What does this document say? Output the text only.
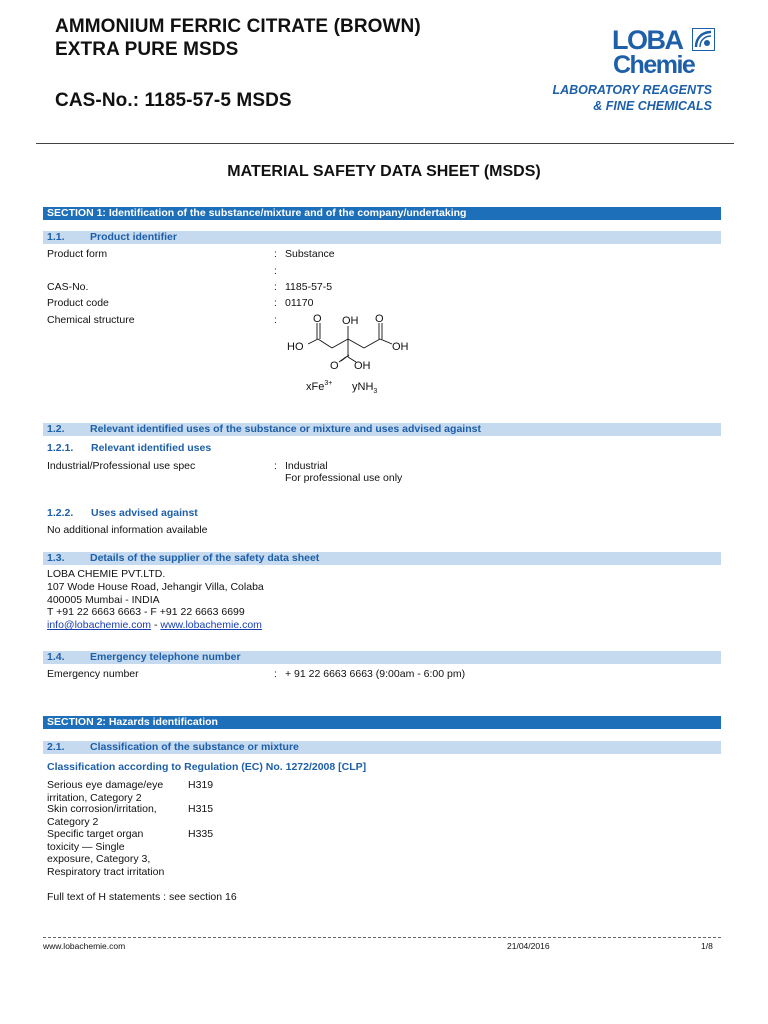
AMMONIUM FERRIC CITRATE (BROWN)
EXTRA PURE MSDS
CAS-No.: 1185-57-5 MSDS
LOBA
Chemie
LABORATORY REAGENTS
& FINE CHEMICALS
MATERIAL SAFETY DATA SHEET (MSDS)
SECTION 1: Identification of the substance/mixture and of the company/undertaking
1.1. Product identifier
Product form	: Substance
:
CAS-No.	: 1185-57-5
Product code	: 01170
Chemical structure	:	O OH O
HO	OH
O OH
xFe$^{3+}$ yNH$_3$
1.2. Relevant identified uses of the substance or mixture and uses advised against
1.2.1. Relevant identified uses
Industrial/Professional use spec	: Industrial
For professional use only
1.2.2. Uses advised against
No additional information available
1.3. Details of the supplier of the safety data sheet
LOBA CHEMIE PVT.LTD.
107 Wode House Road, Jehangir Villa, Colaba
400005 Mumbai - INDIA
T +91 22 6663 6663 - F +91 22 6663 6699
info@lobachemie.com - www.lobachemie.com
1.4. Emergency telephone number
Emergency number	: + 91 22 6663 6663 (9:00am - 6:00 pm)
SECTION 2: Hazards identification
2.1. Classification of the substance or mixture
Classification according to Regulation (EC) No. 1272/2008 [CLP]
Serious eye damage/eye
irritation, Category 2
H319
Skin corrosion/irritation,
Category 2
H315
Specific target organ
toxicity — Single
exposure, Category 3,
Respiratory tract irritation
H335
Full text of H statements : see section 16
www.lobachemie.com	21/04/2016	1/8
